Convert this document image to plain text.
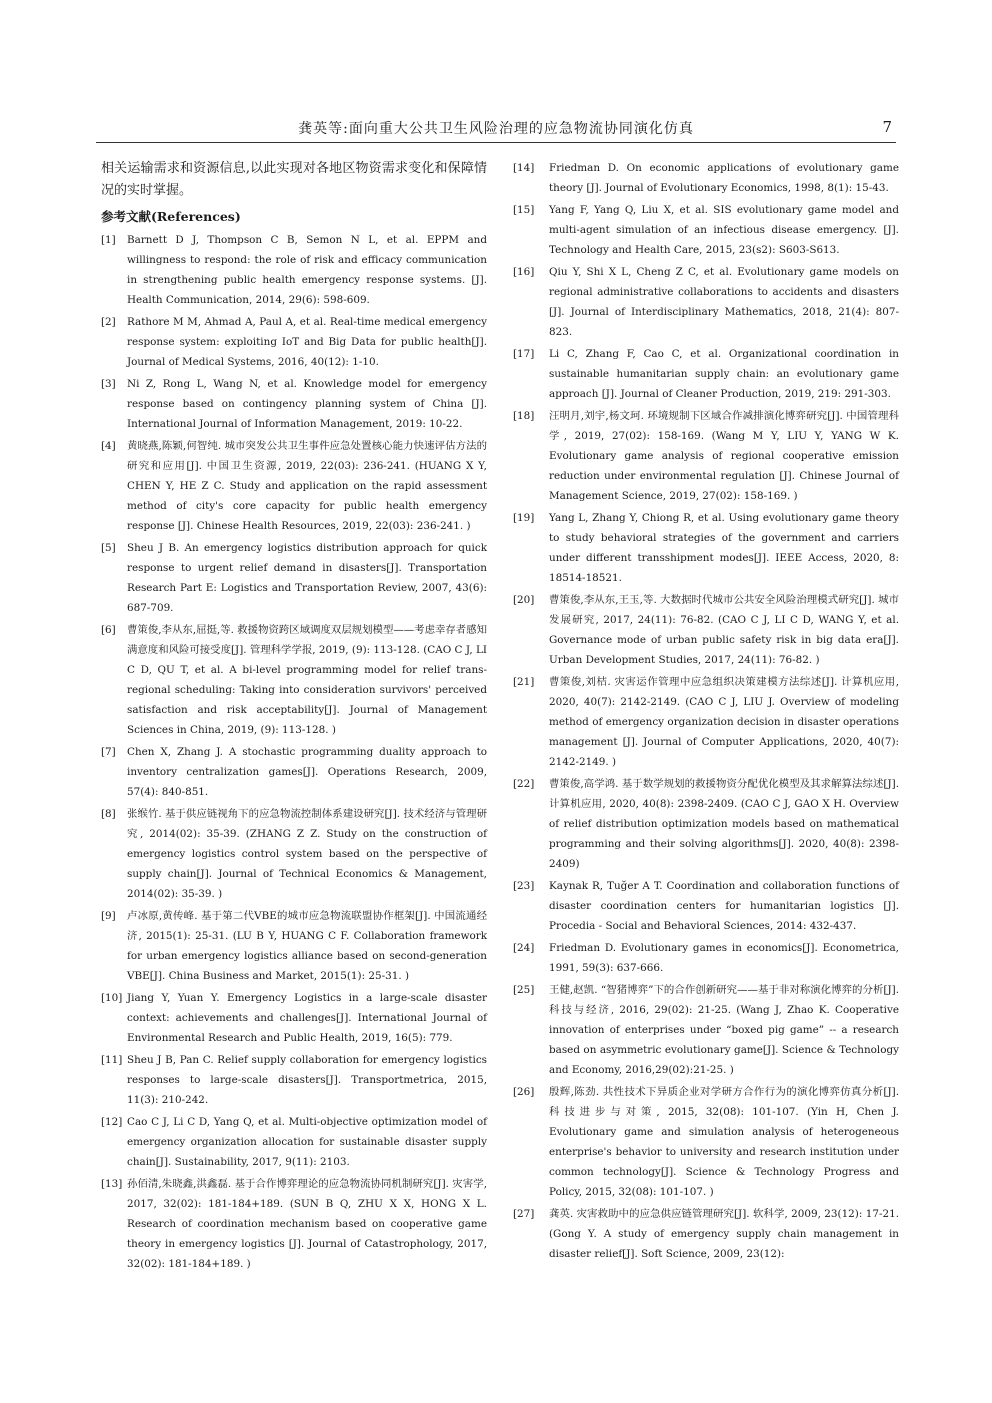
龚英等:面向重大公共卫生风险治理的应急物流协同演化仿真	7

相关运输需求和资源信息,以此实现对各地区物资需求变化和保障情况的实时掌握。

参考文献(References)
[1]	Barnett D J, Thompson C B, Semon N L, et al. EPPM and willingness to respond: the role of risk and efficacy communication in strengthening public health emergency response systems. [J]. Health Communication, 2014, 29(6): 598-609.
[2]	Rathore M M, Ahmad A, Paul A, et al. Real-time medical emergency response system: exploiting IoT and Big Data for public health[J]. Journal of Medical Systems, 2016, 40(12): 1-10.
[3]	Ni Z, Rong L, Wang N, et al. Knowledge model for emergency response based on contingency planning system of China [J]. International Journal of Information Management, 2019: 10-22.
[4]	黄晓燕,陈颖,何智纯. 城市突发公共卫生事件应急处置核心能力快速评估方法的研究和应用[J]. 中国卫生资源, 2019, 22(03): 236-241. (HUANG X Y, CHEN Y, HE Z C. Study and application on the rapid assessment method of city's core capacity for public health emergency response [J]. Chinese Health Resources, 2019, 22(03): 236-241. )
[5]	Sheu J B. An emergency logistics distribution approach for quick response to urgent relief demand in disasters[J]. Transportation Research Part E: Logistics and Transportation Review, 2007, 43(6): 687-709.
[6]	曹策俊,李从东,屈挺,等. 救援物资跨区域调度双层规划模型——考虑幸存者感知满意度和风险可接受度[J]. 管理科学学报, 2019, (9): 113-128. (CAO C J, LI C D, QU T, et al. A bi-level programming model for relief trans-regional scheduling: Taking into consideration survivors' perceived satisfaction and risk acceptability[J]. Journal of Management Sciences in China, 2019, (9): 113-128. )
[7]	Chen X, Zhang J. A stochastic programming duality approach to inventory centralization games[J]. Operations Research, 2009, 57(4): 840-851.
[8]	张缑竹. 基于供应链视角下的应急物流控制体系建设研究[J]. 技术经济与管理研究, 2014(02): 35-39. (ZHANG Z Z. Study on the construction of emergency logistics control system based on the perspective of supply chain[J]. Journal of Technical Economics & Management, 2014(02): 35-39. )
[9]	卢冰原,黄传峰. 基于第二代VBE的城市应急物流联盟协作框架[J]. 中国流通经济, 2015(1): 25-31. (LU B Y, HUANG C F. Collaboration framework for urban emergency logistics alliance based on second-generation VBE[J]. China Business and Market, 2015(1): 25-31. )
[10] Jiang Y, Yuan Y. Emergency Logistics in a large-scale disaster context: achievements and challenges[J]. International Journal of Environmental Research and Public Health, 2019, 16(5): 779.
[11] Sheu J B, Pan C. Relief supply collaboration for emergency logistics responses to large-scale disasters[J]. Transportmetrica, 2015, 11(3): 210-242.
[12] Cao C J, Li C D, Yang Q, et al. Multi-objective optimization model of emergency organization allocation for sustainable disaster supply chain[J]. Sustainability, 2017, 9(11): 2103.
[13] 孙佰清,朱晓鑫,洪鑫磊. 基于合作博弈理论的应急物流协同机制研究[J]. 灾害学, 2017, 32(02): 181-184+189. (SUN B Q, ZHU X X, HONG X L. Research of coordination mechanism based on cooperative game theory in emergency logistics [J]. Journal of Catastrophology, 2017, 32(02): 181-184+189. )
[14]	Friedman D. On economic applications of evolutionary game theory [J]. Journal of Evolutionary Economics, 1998, 8(1): 15-43.
[15]	Yang F, Yang Q, Liu X, et al. SIS evolutionary game model and multi-agent simulation of an infectious disease emergency. [J]. Technology and Health Care, 2015, 23(s2): S603-S613.
[16]	Qiu Y, Shi X L, Cheng Z C, et al. Evolutionary game models on regional administrative collaborations to accidents and disasters [J]. Journal of Interdisciplinary Mathematics, 2018, 21(4): 807-823.
[17]	Li C, Zhang F, Cao C, et al. Organizational coordination in sustainable humanitarian supply chain: an evolutionary game approach [J]. Journal of Cleaner Production, 2019, 219: 291-303.
[18]	汪明月,刘宇,杨文珂. 环境规制下区域合作减排演化博弈研究[J]. 中国管理科学, 2019, 27(02): 158-169. (Wang M Y, LIU Y, YANG W K. Evolutionary game analysis of regional cooperative emission reduction under environmental regulation [J]. Chinese Journal of Management Science, 2019, 27(02): 158-169. )
[19]	Yang L, Zhang Y, Chiong R, et al. Using evolutionary game theory to study behavioral strategies of the government and carriers under different transshipment modes[J]. IEEE Access, 2020, 8: 18514-18521.
[20]	曹策俊,李从东,王玉,等. 大数据时代城市公共安全风险治理模式研究[J]. 城市发展研究, 2017, 24(11): 76-82. (CAO C J, LI C D, WANG Y, et al. Governance mode of urban public safety risk in big data era[J]. Urban Development Studies, 2017, 24(11): 76-82. )
[21]	曹策俊,刘桔. 灾害运作管理中应急组织决策建模方法综述[J]. 计算机应用, 2020, 40(7): 2142-2149. (CAO C J, LIU J. Overview of modeling method of emergency organization decision in disaster operations management [J]. Journal of Computer Applications, 2020, 40(7): 2142-2149. )
[22]	曹策俊,高学鸿. 基于数学规划的救援物资分配优化模型及其求解算法综述[J]. 计算机应用, 2020, 40(8): 2398-2409. (CAO C J, GAO X H. Overview of relief distribution optimization models based on mathematical programming and their solving algorithms[J]. 2020, 40(8): 2398-2409)
[23]	Kaynak R, Tuğer A T. Coordination and collaboration functions of disaster coordination centers for humanitarian logistics [J]. Procedia - Social and Behavioral Sciences, 2014: 432-437.
[24]	Friedman D. Evolutionary games in economics[J]. Econometrica, 1991, 59(3): 637-666.
[25]	王健,赵凯. “智猪博弈”下的合作创新研究——基于非对称演化博弈的分析[J]. 科技与经济, 2016, 29(02): 21-25. (Wang J, Zhao K. Cooperative innovation of enterprises under “boxed pig game” -- a research based on asymmetric evolutionary game[J]. Science & Technology and Economy, 2016,29(02):21-25. )
[26]	殷辉,陈劲. 共性技术下异质企业对学研方合作行为的演化博弈仿真分析[J]. 科技进步与对策, 2015, 32(08): 101-107. (Yin H, Chen J. Evolutionary game and simulation analysis of heterogeneous enterprise's behavior to university and research institution under common technology[J]. Science & Technology Progress and Policy, 2015, 32(08): 101-107. )
[27]	龚英. 灾害救助中的应急供应链管理研究[J]. 软科学, 2009, 23(12): 17-21. (Gong Y. A study of emergency supply chain management in disaster relief[J]. Soft Science, 2009, 23(12):
